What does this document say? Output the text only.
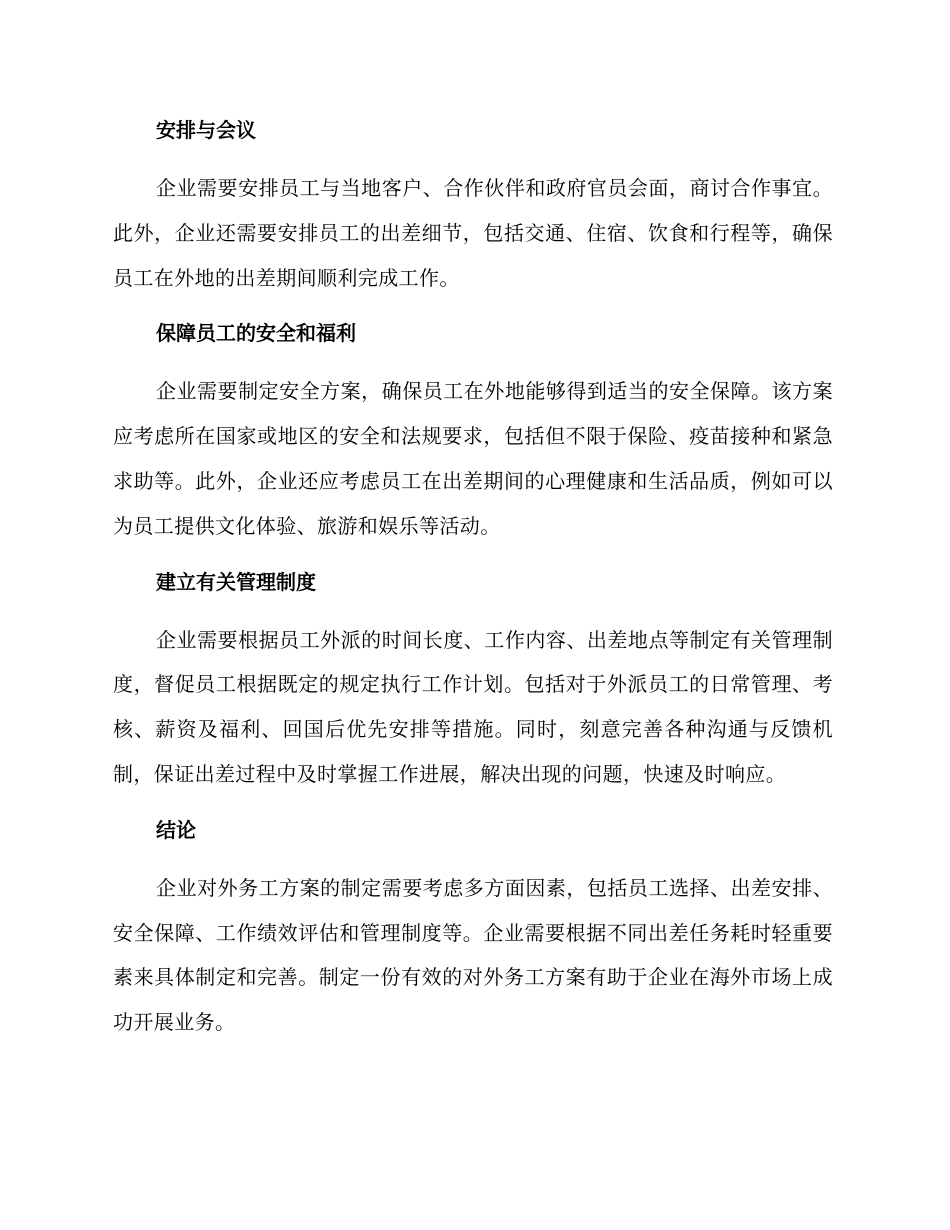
安排与会议

企业需要安排员工与当地客户、合作伙伴和政府官员会面，商讨合作事宜。此外，企业还需要安排员工的出差细节，包括交通、住宿、饮食和行程等，确保员工在外地的出差期间顺利完成工作。

保障员工的安全和福利

企业需要制定安全方案，确保员工在外地能够得到适当的安全保障。该方案应考虑所在国家或地区的安全和法规要求，包括但不限于保险、疫苗接种和紧急求助等。此外，企业还应考虑员工在出差期间的心理健康和生活品质，例如可以为员工提供文化体验、旅游和娱乐等活动。

建立有关管理制度

企业需要根据员工外派的时间长度、工作内容、出差地点等制定有关管理制度，督促员工根据既定的规定执行工作计划。包括对于外派员工的日常管理、考核、薪资及福利、回国后优先安排等措施。同时，刻意完善各种沟通与反馈机制，保证出差过程中及时掌握工作进展，解决出现的问题，快速及时响应。

结论

企业对外务工方案的制定需要考虑多方面因素，包括员工选择、出差安排、安全保障、工作绩效评估和管理制度等。企业需要根据不同出差任务耗时轻重要素来具体制定和完善。制定一份有效的对外务工方案有助于企业在海外市场上成功开展业务。
